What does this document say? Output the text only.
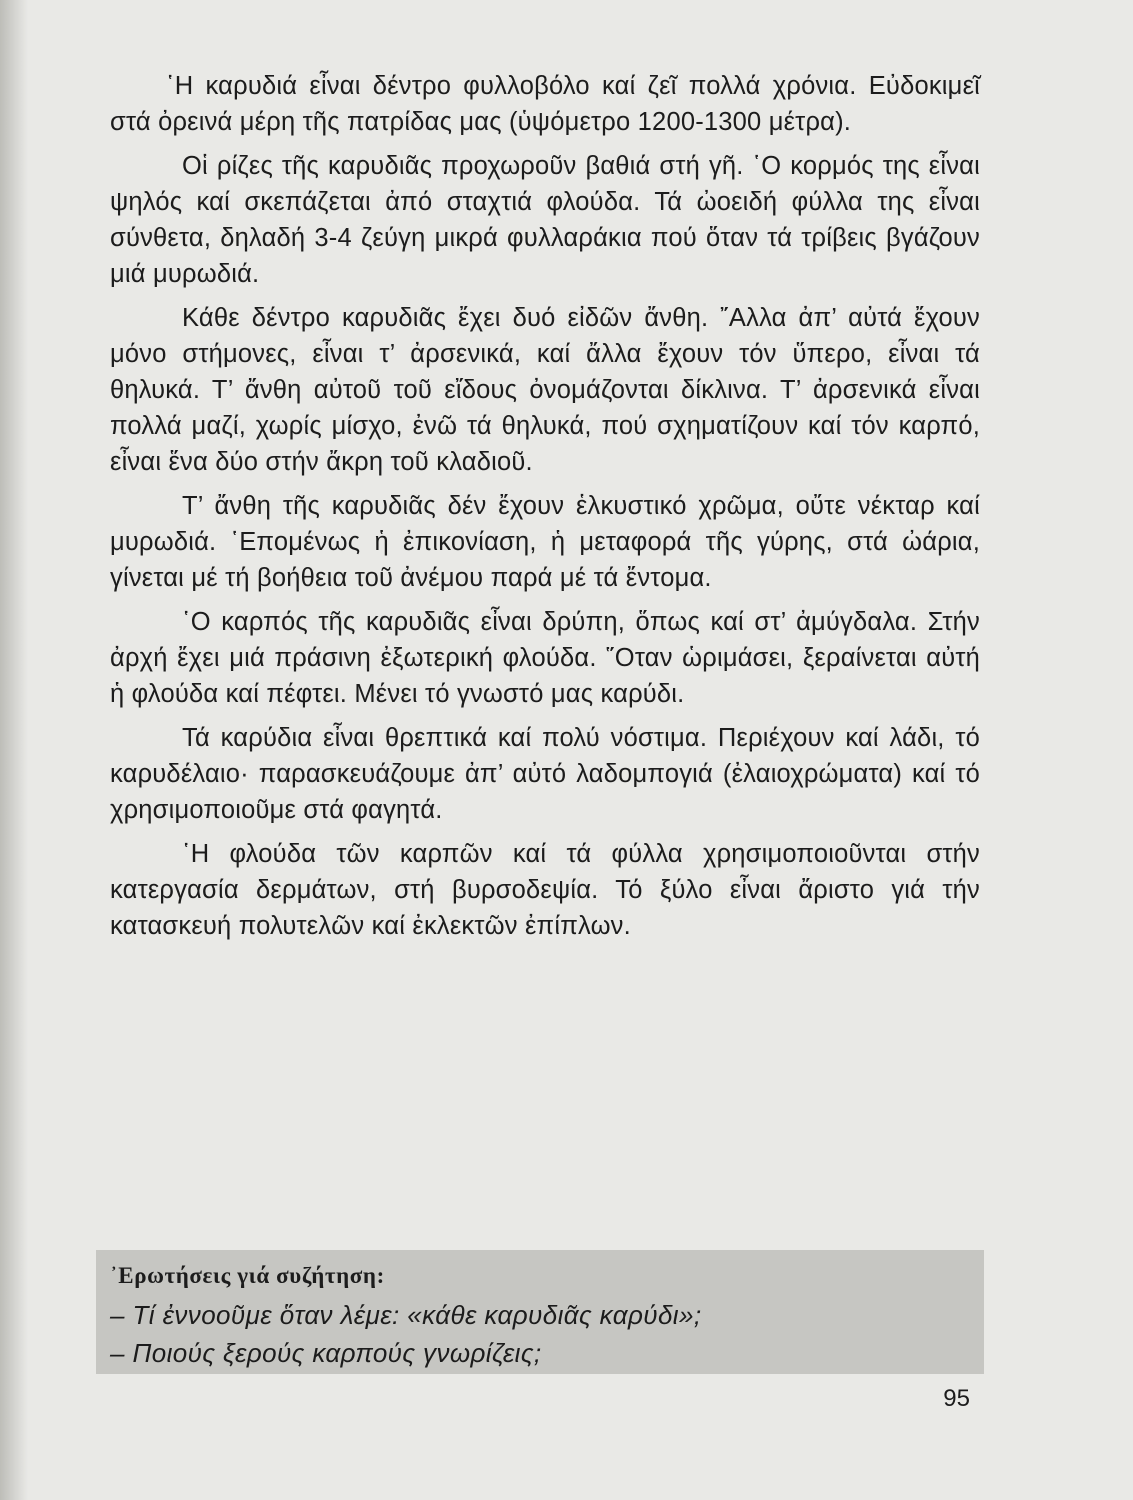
῾Η καρυδιά εἶναι δέντρο φυλλοβόλο καί ζεῖ πολλά χρόνια. Εὐδοκιμεῖ στά ὀρεινά μέρη τῆς πατρίδας μας (ὑψόμετρο 1200-1300 μέτρα).

Οἱ ρίζες τῆς καρυδιᾶς προχωροῦν βαθιά στή γῆ. ῾Ο κορμός της εἶναι ψηλός καί σκεπάζεται ἀπό σταχτιά φλούδα. Τά ὠοειδή φύλλα της εἶναι σύνθετα, δηλαδή 3-4 ζεύγη μικρά φυλλαράκια πού ὅταν τά τρίβεις βγάζουν μιά μυρωδιά.

Κάθε δέντρο καρυδιᾶς ἔχει δυό εἰδῶν ἄνθη. ῎Αλλα ἀπ’ αὐτά ἔχουν μόνο στήμονες, εἶναι τ’ ἀρσενικά, καί ἄλλα ἔχουν τόν ὕπερο, εἶναι τά θηλυκά. Τ’ ἄνθη αὐτοῦ τοῦ εἴδους ὀνομάζονται δίκλινα. Τ’ ἀρσενικά εἶναι πολλά μαζί, χωρίς μίσχο, ἐνῶ τά θηλυκά, πού σχηματίζουν καί τόν καρπό, εἶναι ἕνα δύο στήν ἄκρη τοῦ κλαδιοῦ.

Τ’ ἄνθη τῆς καρυδιᾶς δέν ἔχουν ἑλκυστικό χρῶμα, οὔτε νέκταρ καί μυρωδιά. ῾Επομένως ἡ ἐπικονίαση, ἡ μεταφορά τῆς γύρης, στά ὠάρια, γίνεται μέ τή βοήθεια τοῦ ἀνέμου παρά μέ τά ἔντομα.

῾Ο καρπός τῆς καρυδιᾶς εἶναι δρύπη, ὅπως καί στ’ ἀμύγδαλα. Στήν ἀρχή ἔχει μιά πράσινη ἐξωτερική φλούδα. ῞Οταν ὡριμάσει, ξεραίνεται αὐτή ἡ φλούδα καί πέφτει. Μένει τό γνωστό μας καρύδι.

Τά καρύδια εἶναι θρεπτικά καί πολύ νόστιμα. Περιέχουν καί λάδι, τό καρυδέλαιο· παρασκευάζουμε ἀπ’ αὐτό λαδομπογιά (ἐλαιοχρώματα) καί τό χρησιμοποιοῦμε στά φαγητά.

῾Η φλούδα τῶν καρπῶν καί τά φύλλα χρησιμοποιοῦνται στήν κατεργασία δερμάτων, στή βυρσοδεψία. Τό ξύλο εἶναι ἄριστο γιά τήν κατασκευή πολυτελῶν καί ἐκλεκτῶν ἐπίπλων.

᾿Ερωτήσεις γιά συζήτηση:

– Τί ἐννοοῦμε ὅταν λέμε: «κάθε καρυδιᾶς καρύδι»;

– Ποιούς ξερούς καρπούς γνωρίζεις;

95
